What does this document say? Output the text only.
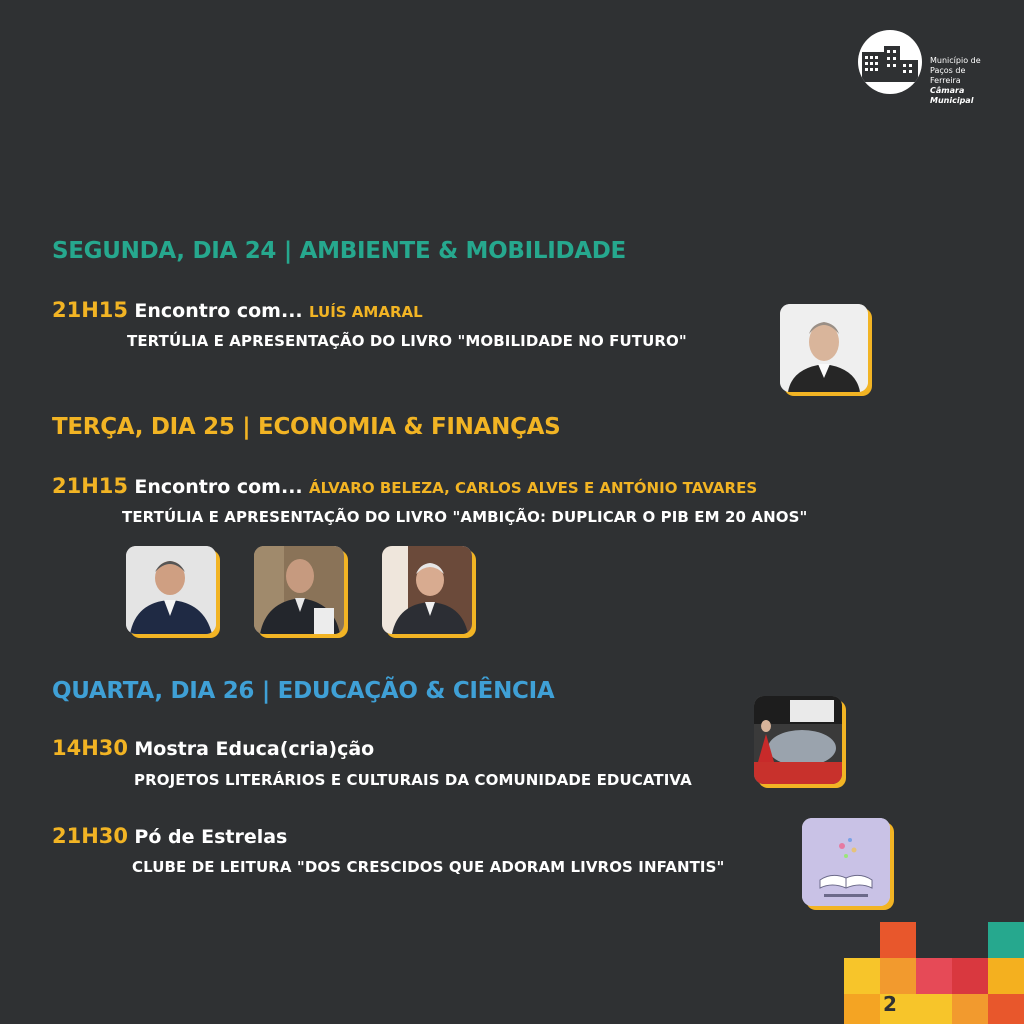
Município de
Paços de Ferreira
Câmara Municipal
SEGUNDA, DIA 24 | AMBIENTE & MOBILIDADE
21H15 Encontro com... LUÍS AMARAL
TERTÚLIA E APRESENTAÇÃO DO LIVRO "MOBILIDADE NO FUTURO"
TERÇA, DIA 25 | ECONOMIA & FINANÇAS
21H15 Encontro com... ÁLVARO BELEZA, CARLOS ALVES E ANTÓNIO TAVARES
TERTÚLIA E APRESENTAÇÃO DO LIVRO "AMBIÇÃO: DUPLICAR O PIB EM 20 ANOS"
QUARTA, DIA 26 | EDUCAÇÃO & CIÊNCIA
14H30 Mostra Educa(cria)ção
PROJETOS LITERÁRIOS E CULTURAIS DA COMUNIDADE EDUCATIVA
21H30 Pó de Estrelas
CLUBE DE LEITURA "DOS CRESCIDOS QUE ADORAM LIVROS INFANTIS"
2
